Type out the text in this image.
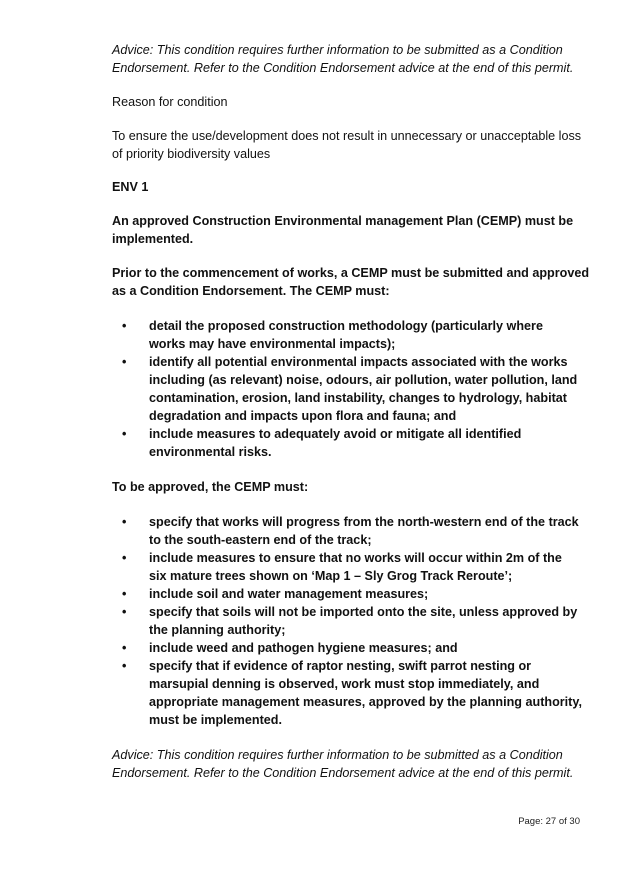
Advice: This condition requires further information to be submitted as a Condition Endorsement. Refer to the Condition Endorsement advice at the end of this permit.

Reason for condition

To ensure the use/development does not result in unnecessary or unacceptable loss of priority biodiversity values

ENV 1

An approved Construction Environmental management Plan (CEMP) must be implemented.

Prior to the commencement of works, a CEMP must be submitted and approved as a Condition Endorsement. The CEMP must:

• detail the proposed construction methodology (particularly where works may have environmental impacts);
• identify all potential environmental impacts associated with the works including (as relevant) noise, odours, air pollution, water pollution, land contamination, erosion, land instability, changes to hydrology, habitat degradation and impacts upon flora and fauna; and
• include measures to adequately avoid or mitigate all identified environmental risks.

To be approved, the CEMP must:

• specify that works will progress from the north-western end of the track to the south-eastern end of the track;
• include measures to ensure that no works will occur within 2m of the six mature trees shown on ‘Map 1 – Sly Grog Track Reroute’;
• include soil and water management measures;
• specify that soils will not be imported onto the site, unless approved by the planning authority;
• include weed and pathogen hygiene measures; and
• specify that if evidence of raptor nesting, swift parrot nesting or marsupial denning is observed, work must stop immediately, and appropriate management measures, approved by the planning authority, must be implemented.

Advice: This condition requires further information to be submitted as a Condition Endorsement. Refer to the Condition Endorsement advice at the end of this permit.

Page: 27 of 30
